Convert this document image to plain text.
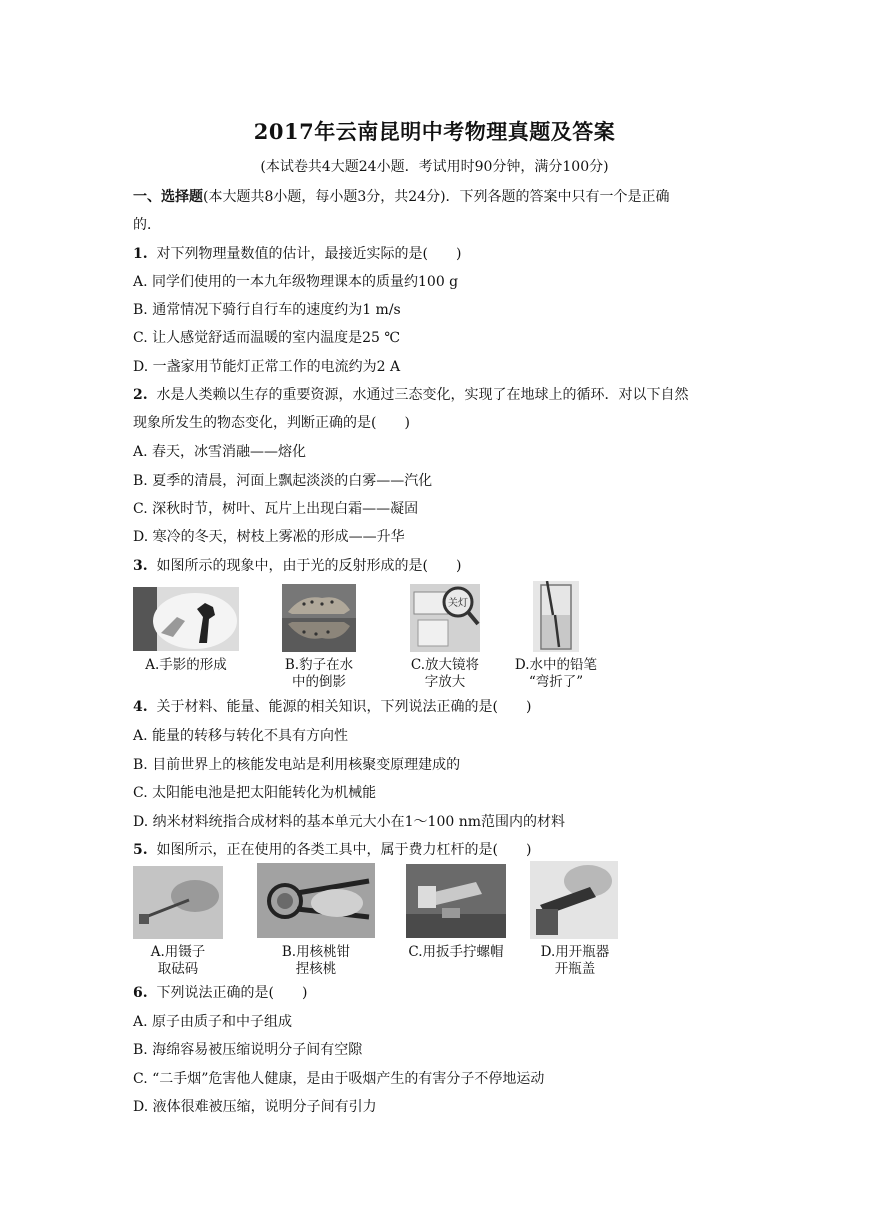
2017年云南昆明中考物理真题及答案
(本试卷共4大题24小题．考试用时90分钟，满分100分)
一、选择题(本大题共8小题，每小题3分，共24分)．下列各题的答案中只有一个是正确
的．
1. 对下列物理量数值的估计，最接近实际的是(　　)
A. 同学们使用的一本九年级物理课本的质量约100 g
B. 通常情况下骑行自行车的速度约为1 m/s
C. 让人感觉舒适而温暖的室内温度是25 ℃
D. 一盏家用节能灯正常工作的电流约为2 A
2. 水是人类赖以生存的重要资源，水通过三态变化，实现了在地球上的循环．对以下自然
现象所发生的物态变化，判断正确的是(　　)
A. 春天，冰雪消融——熔化
B. 夏季的清晨，河面上飘起淡淡的白雾——汽化
C. 深秋时节，树叶、瓦片上出现白霜——凝固
D. 寒冷的冬天，树枝上雾凇的形成——升华
3. 如图所示的现象中，由于光的反射形成的是(　　)
关灯
A.手影的形成	B.豹子在水
中的倒影
C.放大镜将
字放大
D.水中的铅笔
“弯折了”
4. 关于材料、能量、能源的相关知识，下列说法正确的是(　　)
A. 能量的转移与转化不具有方向性
B. 目前世界上的核能发电站是利用核聚变原理建成的
C. 太阳能电池是把太阳能转化为机械能
D. 纳米材料统指合成材料的基本单元大小在1～100 nm范围内的材料
5. 如图所示，正在使用的各类工具中，属于费力杠杆的是(　　)
A.用镊子
取砝码
B.用核桃钳
捏核桃
C.用扳手拧螺帽	D.用开瓶器
开瓶盖
6. 下列说法正确的是(　　)
A. 原子由质子和中子组成
B. 海绵容易被压缩说明分子间有空隙
C. “二手烟”危害他人健康，是由于吸烟产生的有害分子不停地运动
D. 液体很难被压缩，说明分子间有引力
